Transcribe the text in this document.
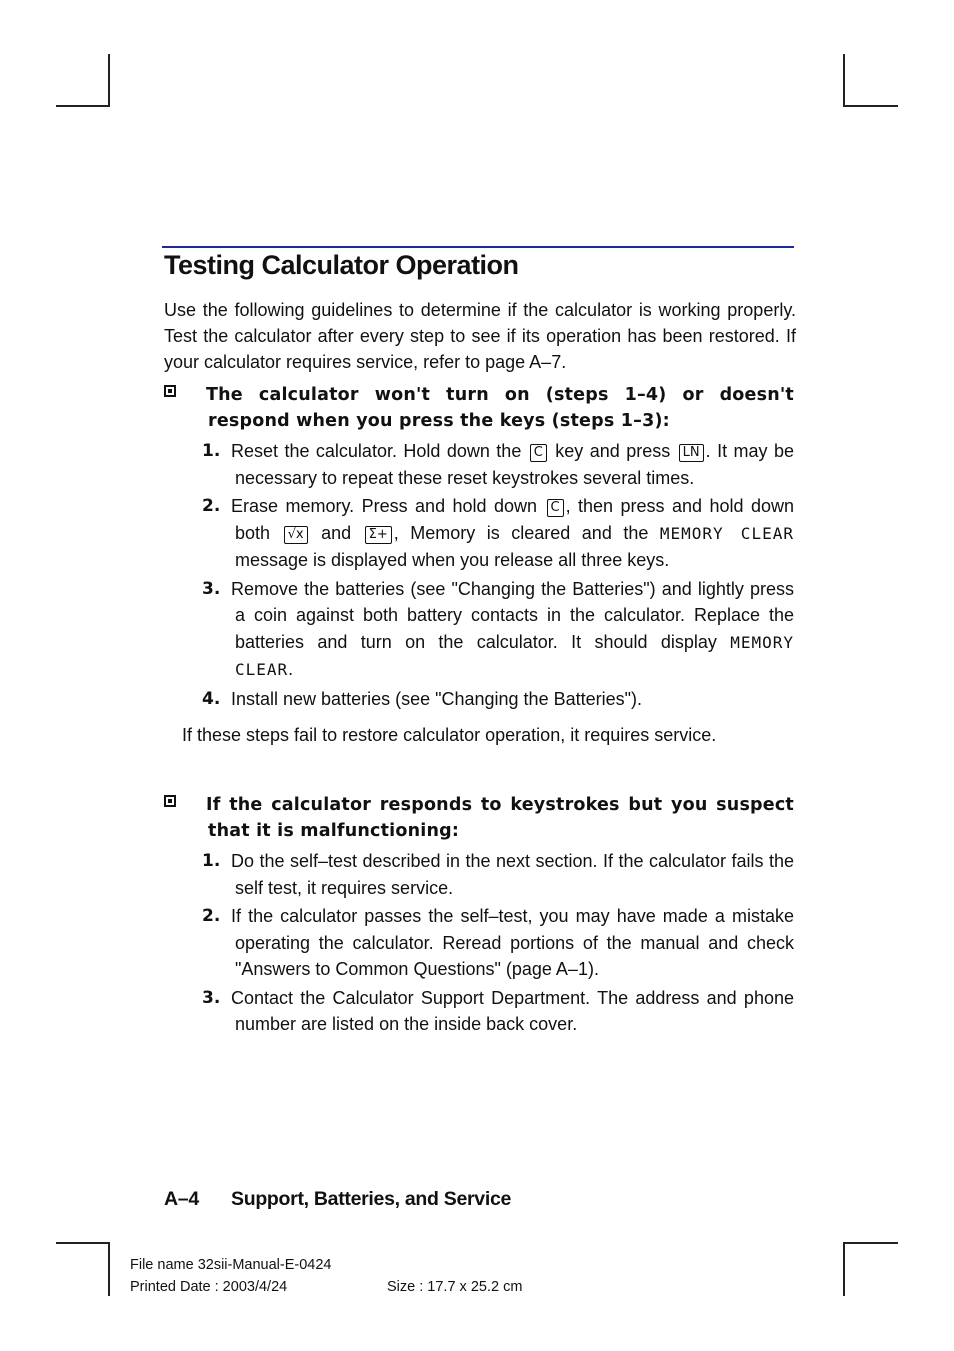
Testing Calculator Operation

Use the following guidelines to determine if the calculator is working properly.
Test the calculator after every step to see if its operation has been restored. If
your calculator requires service, refer to page A–7.

The calculator won't turn on (steps 1–4) or doesn't
respond when you press the keys (steps 1–3):

1. Reset the calculator. Hold down the C key and press LN . It may be
necessary to repeat these reset keystrokes several times.
2. Erase memory. Press and hold down C , then press and hold down
both √x and Σ+ , Memory is cleared and the MEMORY CLEAR
message is displayed when you release all three keys.
3. Remove the batteries (see "Changing the Batteries") and lightly press
a coin against both battery contacts in the calculator. Replace the
batteries and turn on the calculator. It should display MEMORY
CLEAR.
4. Install new batteries (see "Changing the Batteries").

If these steps fail to restore calculator operation, it requires service.

If the calculator responds to keystrokes but you suspect
that it is malfunctioning:

1. Do the self–test described in the next section. If the calculator fails the
self test, it requires service.
2. If the calculator passes the self–test, you may have made a mistake
operating the calculator. Reread portions of the manual and check
"Answers to Common Questions" (page A–1).
3. Contact the Calculator Support Department. The address and phone
number are listed on the inside back cover.

A–4 Support, Batteries, and Service

File name 32sii-Manual-E-0424
Printed Date : 2003/4/24	Size : 17.7 x 25.2 cm
